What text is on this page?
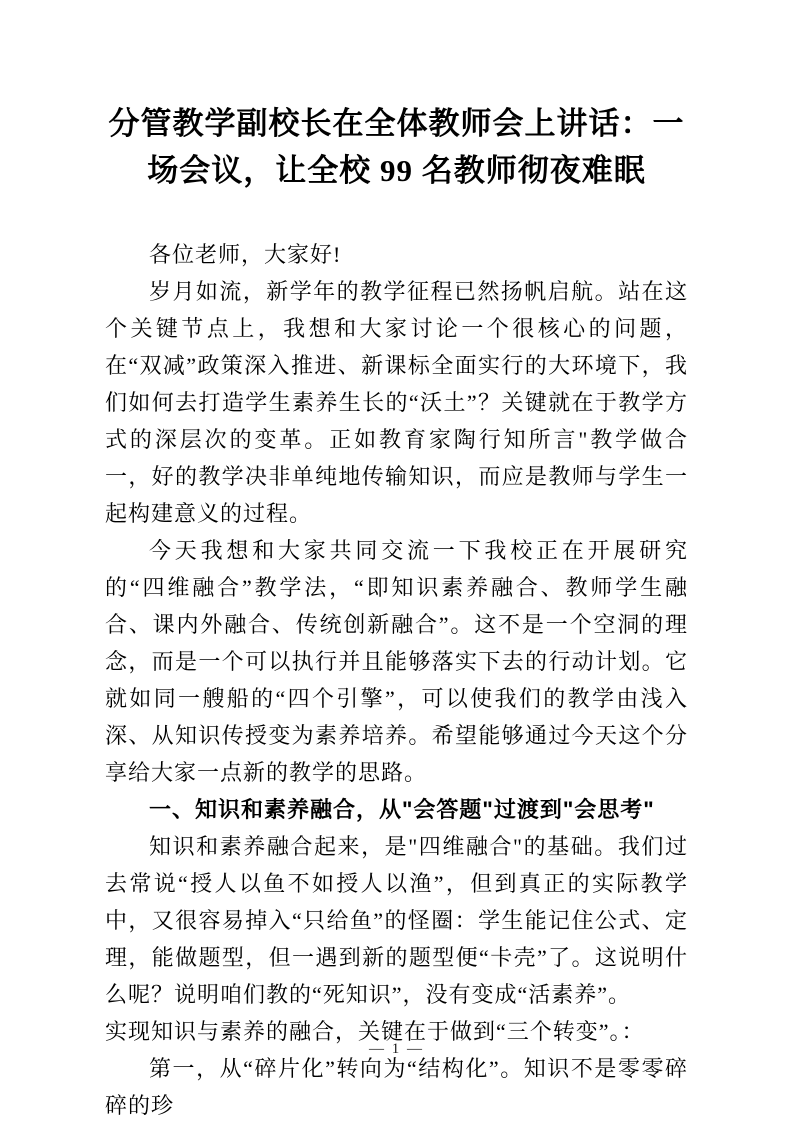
分管教学副校长在全体教师会上讲话：一
场会议，让全校 99 名教师彻夜难眠

各位老师，大家好!

岁月如流，新学年的教学征程已然扬帆启航。站在这个关键节点上，我想和大家讨论一个很核心的问题，在“双减”政策深入推进、新课标全面实行的大环境下，我们如何去打造学生素养生长的“沃土”？关键就在于教学方式的深层次的变革。正如教育家陶行知所言"教学做合一，好的教学决非单纯地传输知识，而应是教师与学生一起构建意义的过程。

今天我想和大家共同交流一下我校正在开展研究的“四维融合”教学法，“即知识素养融合、教师学生融合、课内外融合、传统创新融合”。这不是一个空洞的理念，而是一个可以执行并且能够落实下去的行动计划。它就如同一艘船的“四个引擎”，可以使我们的教学由浅入深、从知识传授变为素养培养。希望能够通过今天这个分享给大家一点新的教学的思路。

一、知识和素养融合，从"会答题"过渡到"会思考"

知识和素养融合起来，是"四维融合"的基础。我们过去常说“授人以鱼不如授人以渔”，但到真正的实际教学中，又很容易掉入“只给鱼”的怪圈：学生能记住公式、定理，能做题型，但一遇到新的题型便“卡壳”了。这说明什么呢？说明咱们教的“死知识”，没有变成“活素养”。

实现知识与素养的融合，关键在于做到“三个转变”。：

第一，从“碎片化”转向为“结构化”。知识不是零零碎碎的珍

— 1 —
